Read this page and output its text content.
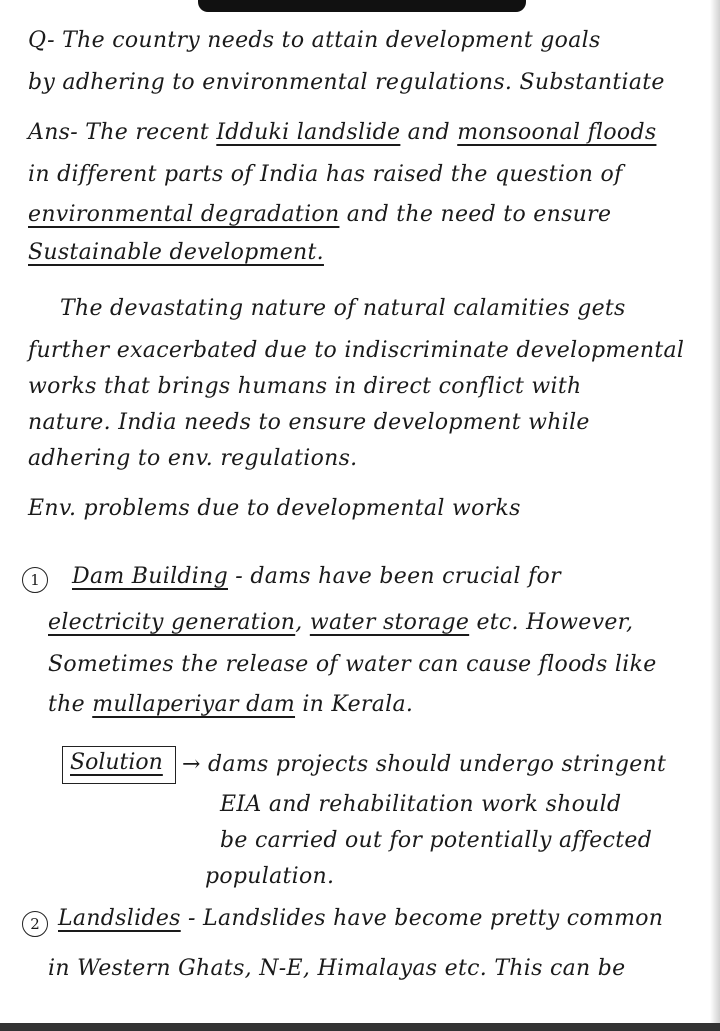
Q- The country needs to attain development goals
by adhering to environmental regulations. Substantiate
Ans- The recent Idduki landslide and monsoonal floods
in different parts of India has raised the question of
environmental degradation and the need to ensure
Sustainable development.
The devastating nature of natural calamities gets
further exacerbated due to indiscriminate developmental
works that brings humans in direct conflict with
nature. India needs to ensure development while
adhering to env. regulations.
Env. problems due to developmental works
1	Dam Building - dams have been crucial for
electricity generation, water storage etc. However,
Sometimes the release of water can cause floods like
the mullaperiyar dam in Kerala.
Solution → dams projects should undergo stringent
EIA and rehabilitation work should
be carried out for potentially affected
population.
2 Landslides - Landslides have become pretty common
in Western Ghats, N-E, Himalayas etc. This can be
